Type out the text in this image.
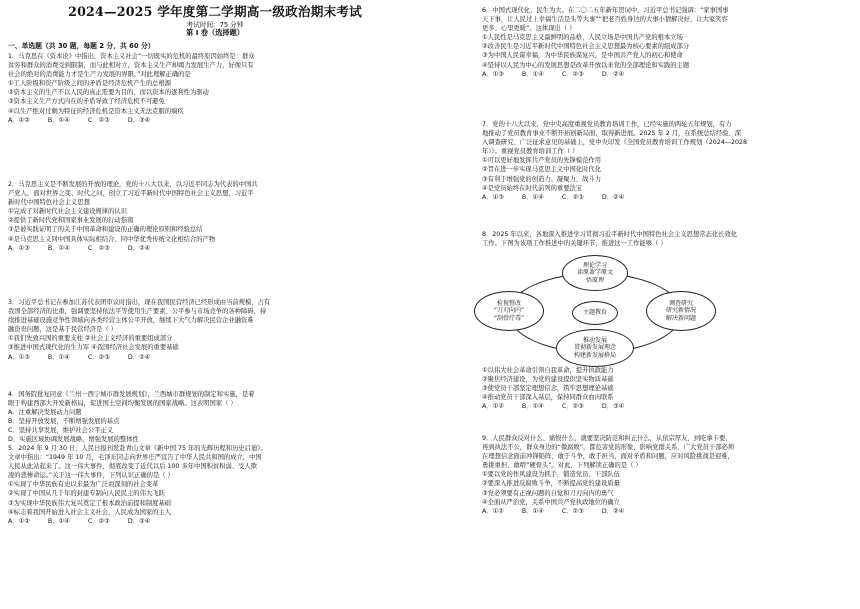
2024—2025 学年度第二学期高一级政治期末考试
考试时间：75 分钟
第 I 卷（选择题）
一、单选题（共 30 题，每题 2 分，共 60 分）
1．马克思在《资本论》中指出，资本主义社会“一切既实的危机的最终原因始终是：群众
贫穷和群众的消费受到限制，而与此相对立，资本主义生产却竭力发展生产力，好像只有
社会的绝对的消费能力才是生产力发展的界限，”对此理解正确的是
①工人阶级和资产阶级之间的矛盾是经济危机产生的总根源
②资本主义的生产不以人民的真正需要为目的，而以资本的逐利性为驱动
③资本主义生产方式内在的矛盾导致了经济危机不可避免
④以生产绝对过剩为特征的经济危机是资本主义无法克服的痼疾
A．①②	B．①④	C．②③	D．③④
2．马克思主义是不断发展的开放的理论，党的十八大以来，以习近平同志为代表的中国共
产党人，面对世界之变、时代之问，创立了习近平新时代中国特色社会主义思想，习近平
新时代中国特色社会主义思想
①完成了对新时代社会主义建设规律的认识
②提供了新时代党和国家事业发展的行动指南
③是被实践证明了的关于中国革命和建设的正确的理论原则和经验总结
④是马克思主义同中国具体实际相结合、同中华优秀传统文化相结合的产物
A．①③	B．①④	C．②③	D．②④
3．习近平总书记在参加江苏代表团审议时指出，现在我国民营经济已经形成由当前规模，占有
我国全部经济的比重，强调要坚持依法平等使用生产要素、公平参与市场竞争的各种障碍，持
续推进基础设施竞争性领域向各类经营主体公平开放，继续下大气力解决民营企业融资难
融资贵问题，这是基于民营经济是（ ）
①我们先致兴国的重要支柱 ②社会主义经济的重要组成部分
③推进中国式现代化的生力军 ④我国经济社会发展的重要基础
A．①③	B．①④	C．②③	D．②④
4．国务院批复同意《兰州一西宁城市群发展规划》，兰西城市群规划的制定和实施，是着
眼于构建西部大开发新格局，促进国土空间均衡发展的国家战略。这表明国家（ ）
A．注重解决发展动力问题
B．坚持开放发展，不断增强发展的基点
C．坚持共享发展，维护社会公平正义
D．实施区域协调发展战略，增强发展的整体性
5．2024 年 9 月 30 日，人民日报刊发赴青山文章《新中国 75 年的光辉历程和历史启迪》。
文章中指出：“1949 年 10 月，毛泽东同志向世界庄严宣告了中华人民共和国的成立，中国
人民从此站起来了。这一伟大事件，彻底改变了近代以后 100 多年中国积贫积弱、受人欺
凌的悲惨命运。”关于这一伟大事件，下列认识正确的是（ ）
①实现了中华民族有史以来最为广泛而深刻的社会变革
②实现了中国从几千年的封建专制向人民民主的伟大飞跃
③为实现中华民族伟大复兴奠定了根本政治前提和制度基础
④标志着我国开始进入社会主义社会，人民成为国家的主人
A．①②	B．①④	C．②③	D．③④
6．中国式现代化，民生为大。在二〇二五年新年贺词中，习近平总书记强调：“家事国事
天下事，让人民过上幸福生活是头等大事”“把老百姓身边的大事小情解决好，让大家笑容
更多、心里更暖”。这体现出（ ）
①人民性是马克思主义最鲜明的品格，人民立场是中国共产党的根本立场
②改善民生是习近平新时代中国特色社会主义思想最为核心要素的组成部分
③为中国人民谋幸福，为中华民族谋复兴，是中国共产党人的初心和使命
④坚持以人民为中心的发展思想是改革开放以来党的全部理论和实践的主题
A．①③	B．①④	C．②③	D．②④
7．党的十八大以来，党中央高度重视党员教育培训工作，已经实施的两轮五年规划，有力
地推动了党员教育事业不断开拓创新局面，取得新进展。2025 年 2 月，在系统总结经验、深
入调查研究、广泛征求意见的基础上，党中央印发《全国党员教育培训工作规划（2024—2028
年）》。重视党员教育培训工作（ ）
①可以更好地发挥共产党员的先锋模范作用
②旨在进一步实现马克思主义中国化时代化
③有利于增强党的创造力、凝聚力、战斗力
④是党员始终在时代前列的重要法宝
A．①③	B．①④	C．②③	D．②④
8．2025 年以来，各地深入推进学习贯彻习近平新时代中国特色社会主义思想常态化长效化
工作。下图为该项工作推进中的关键环节，推进这一工作能够（ ）
①以伟大社会革命引领自我革命，提升执政能力
②聚焦经济建设，为党的建设提供坚实物质基础
③使党员干部坚定理想信念，筑牢思想理论基础
④推动党员干部深入基层，保持同群众血肉联系
A．①②	B．①④	C．②③	D．③④
9．人民群众反对什么、痛恨什么，就要坚决防范和纠正什么，从依宗厚友，到吃拿卡要，
再到执法不公，群众身边的“微腐败”，都危害党的形象，影响党群关系，广大党员干部必须
在理想信念面前冲锋陷阵、敢于斗争，敢于担当，面对矛盾和问题，应对风险挑战是迎难，
勇挑重担、敢啃“硬骨头”。对此，下列解读正确的是（ ）
①要以党的作风建设为抓手，锻造党员、干部队伍
②要深入推进反腐败斗争，不断提高党的建设质量
③党必须要有正视问题的自觉和刀刃向内的勇气
④全面从严治党，关系中国共产党执政地位的确立
A．①②	B．①④	C．②③	D．②④
理论学习
读原著学原文
悟原理
检视整改
“刀刃向内”
“刮骨疗毒”
主题教育
调查研究
研究新情况
解决新问题
推动发展
贯彻新发展理念
构建新发展格局
